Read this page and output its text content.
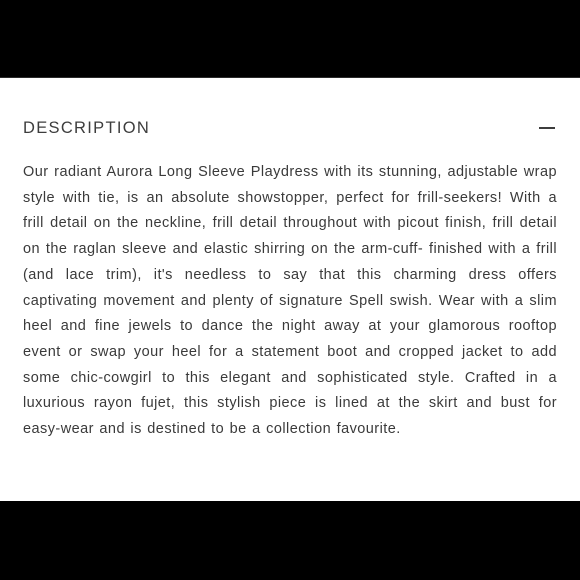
DESCRIPTION

Our radiant Aurora Long Sleeve Playdress with its stunning, adjustable wrap style with tie, is an absolute showstopper, perfect for frill-seekers! With a frill detail on the neckline, frill detail throughout with picout finish, frill detail on the raglan sleeve and elastic shirring on the arm-cuff- finished with a frill (and lace trim), it's needless to say that this charming dress offers captivating movement and plenty of signature Spell swish. Wear with a slim heel and fine jewels to dance the night away at your glamorous rooftop event or swap your heel for a statement boot and cropped jacket to add some chic-cowgirl to this elegant and sophisticated style. Crafted in a luxurious rayon fujet, this stylish piece is lined at the skirt and bust for easy-wear and is destined to be a collection favourite.
